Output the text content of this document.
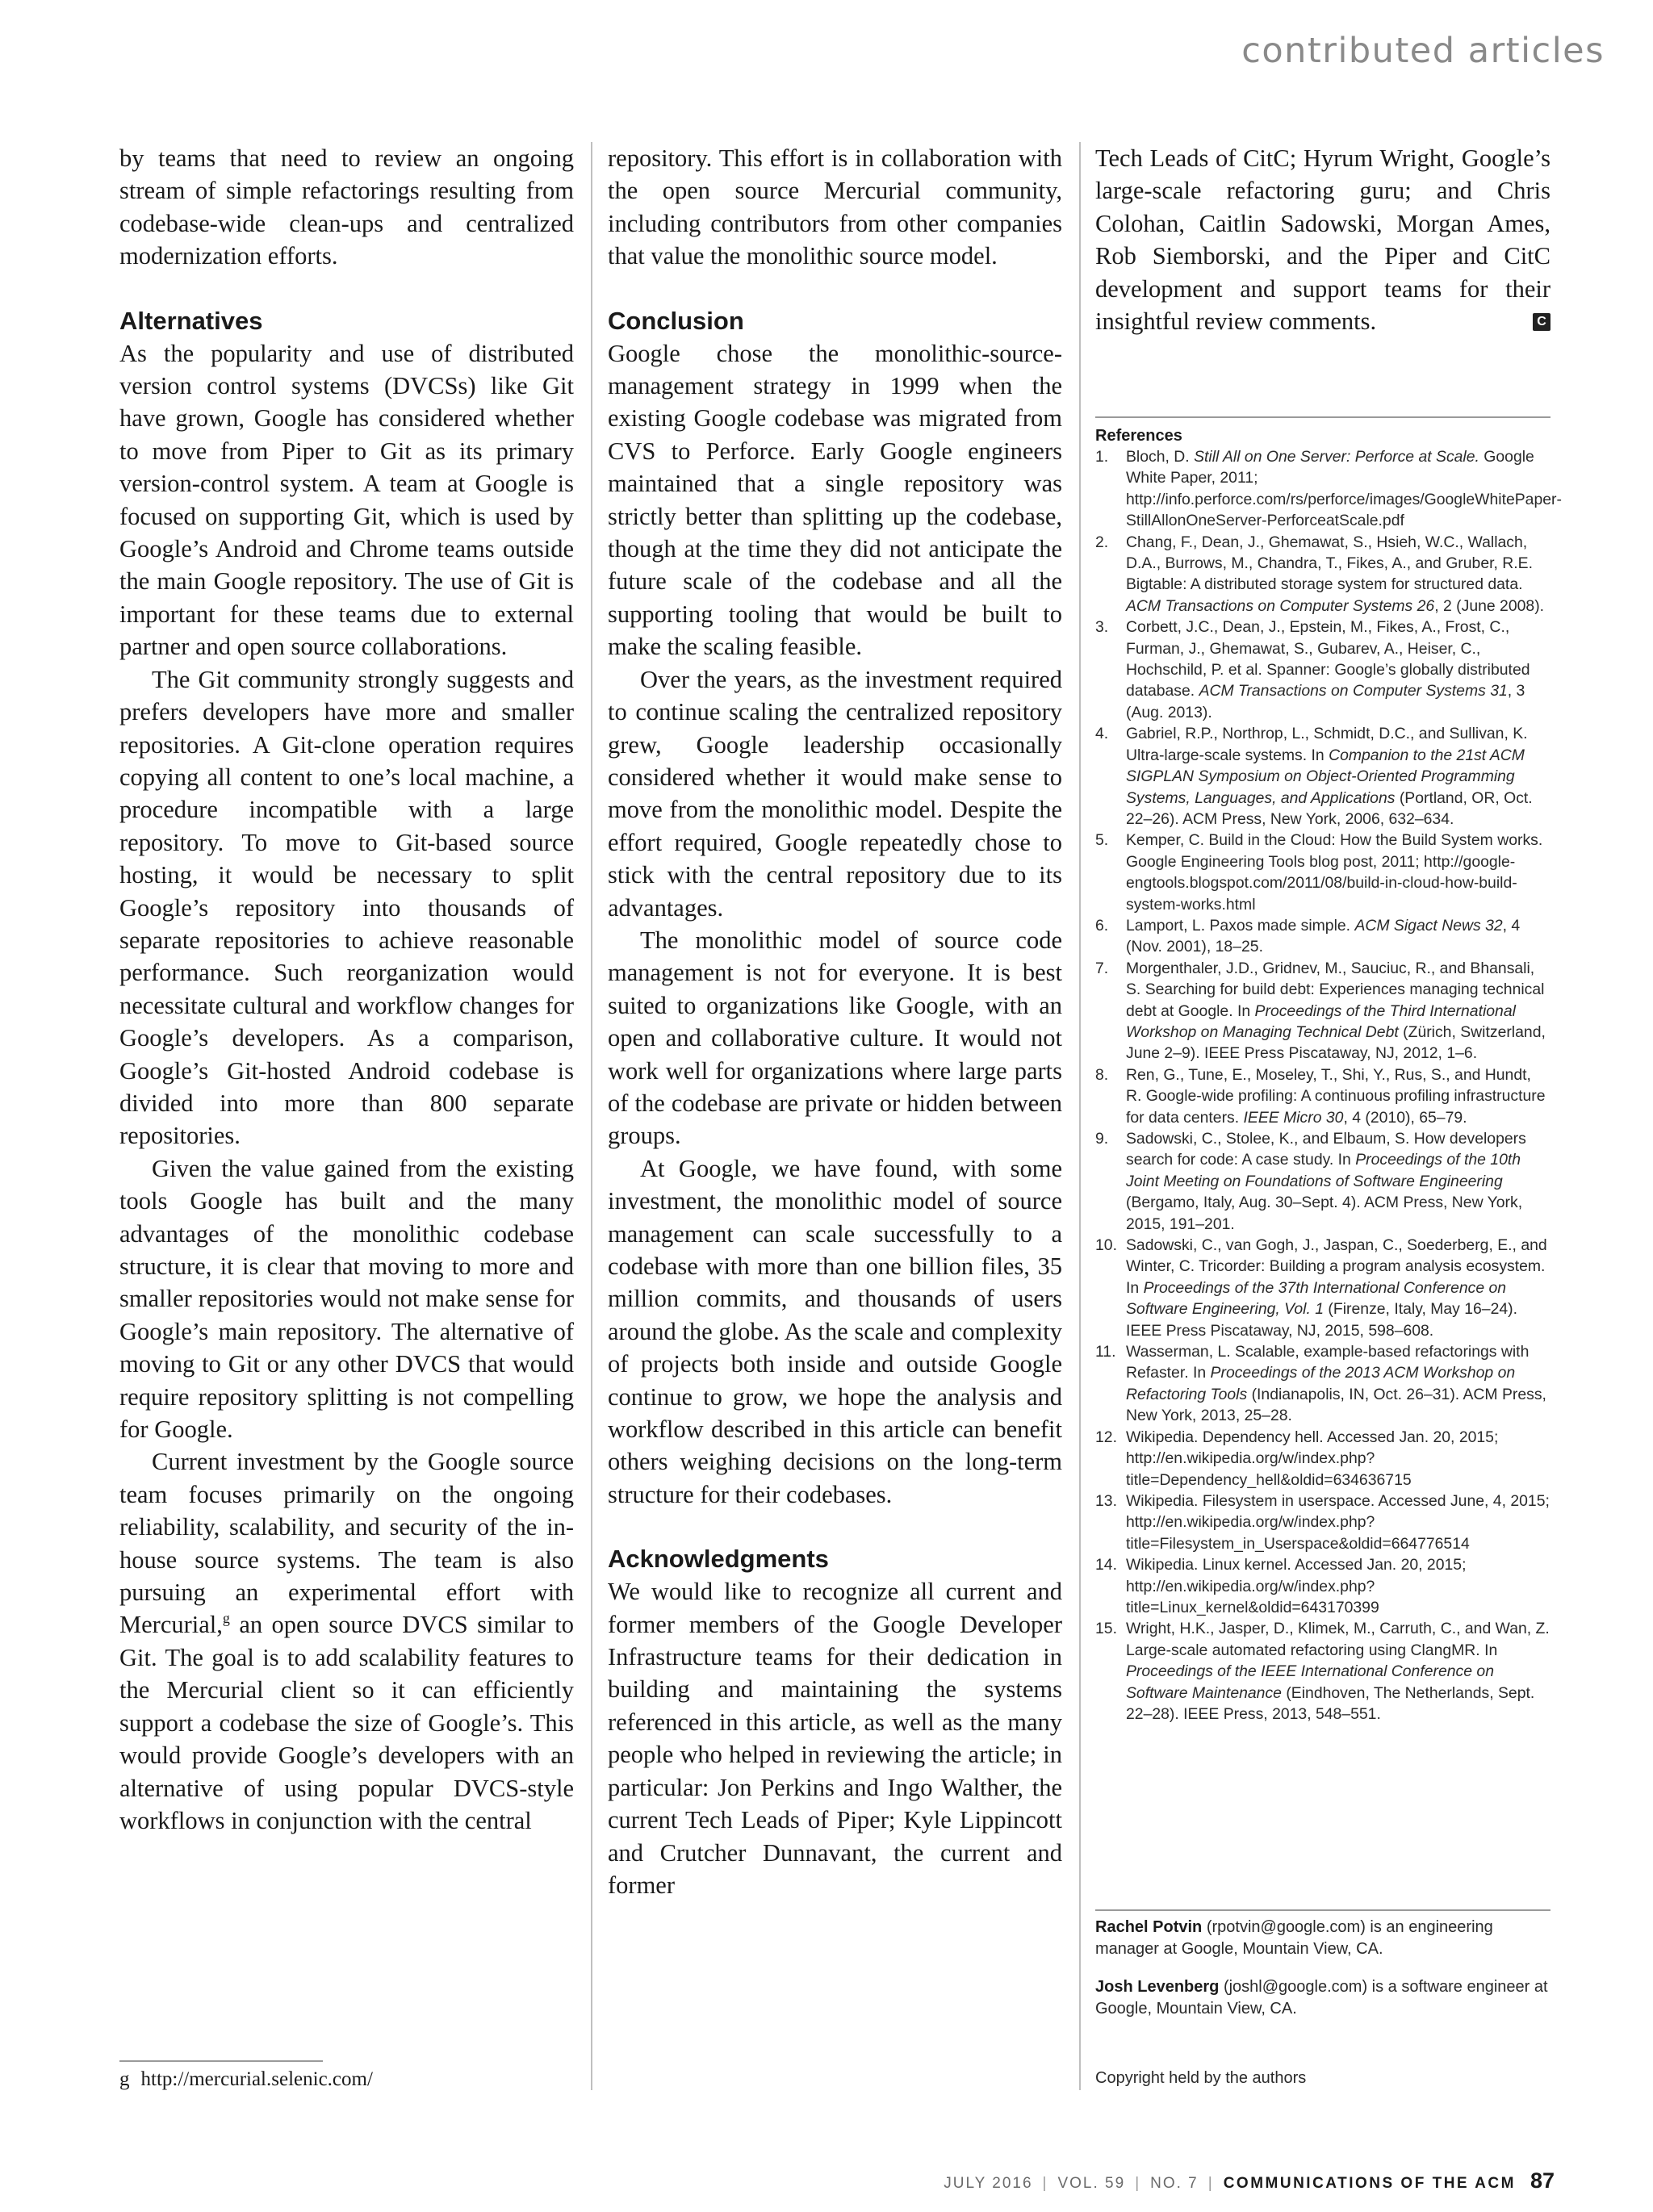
contributed articles

by teams that need to review an ongoing stream of simple refactorings resulting from codebase-wide clean-ups and centralized modernization efforts.

Alternatives

As the popularity and use of distributed version control systems (DVCSs) like Git have grown, Google has considered whether to move from Piper to Git as its primary version-control system. A team at Google is focused on supporting Git, which is used by Google’s Android and Chrome teams outside the main Google repository. The use of Git is important for these teams due to external partner and open source collaborations.

The Git community strongly suggests and prefers developers have more and smaller repositories. A Git-clone operation requires copying all content to one’s local machine, a procedure incompatible with a large repository. To move to Git-based source hosting, it would be necessary to split Google’s repository into thousands of separate repositories to achieve reasonable performance. Such reorganization would necessitate cultural and workflow changes for Google’s developers. As a comparison, Google’s Git-hosted Android codebase is divided into more than 800 separate repositories.

Given the value gained from the existing tools Google has built and the many advantages of the monolithic codebase structure, it is clear that moving to more and smaller repositories would not make sense for Google’s main repository. The alternative of moving to Git or any other DVCS that would require repository splitting is not compelling for Google.

Current investment by the Google source team focuses primarily on the ongoing reliability, scalability, and security of the in-house source systems. The team is also pursuing an experimental effort with Mercurial,$^g$ an open source DVCS similar to Git. The goal is to add scalability features to the Mercurial client so it can efficiently support a codebase the size of Google’s. This would provide Google’s developers with an alternative of using popular DVCS-style workflows in conjunction with the central

g http://mercurial.selenic.com/

repository. This effort is in collaboration with the open source Mercurial community, including contributors from other companies that value the monolithic source model.

Conclusion

Google chose the monolithic-source-management strategy in 1999 when the existing Google codebase was migrated from CVS to Perforce. Early Google engineers maintained that a single repository was strictly better than splitting up the codebase, though at the time they did not anticipate the future scale of the codebase and all the supporting tooling that would be built to make the scaling feasible.

Over the years, as the investment required to continue scaling the centralized repository grew, Google leadership occasionally considered whether it would make sense to move from the monolithic model. Despite the effort required, Google repeatedly chose to stick with the central repository due to its advantages.

The monolithic model of source code management is not for everyone. It is best suited to organizations like Google, with an open and collaborative culture. It would not work well for organizations where large parts of the codebase are private or hidden between groups.

At Google, we have found, with some investment, the monolithic model of source management can scale successfully to a codebase with more than one billion files, 35 million commits, and thousands of users around the globe. As the scale and complexity of projects both inside and outside Google continue to grow, we hope the analysis and workflow described in this article can benefit others weighing decisions on the long-term structure for their codebases.

Acknowledgments

We would like to recognize all current and former members of the Google Developer Infrastructure teams for their dedication in building and maintaining the systems referenced in this article, as well as the many people who helped in reviewing the article; in particular: Jon Perkins and Ingo Walther, the current Tech Leads of Piper; Kyle Lippincott and Crutcher Dunnavant, the current and former

Tech Leads of CitC; Hyrum Wright, Google’s large-scale refactoring guru; and Chris Colohan, Caitlin Sadowski, Morgan Ames, Rob Siemborski, and the Piper and CitC development and support teams for their insightful review comments.	C

References
1.	Bloch, D. Still All on One Server: Perforce at Scale. Google White Paper, 2011; http://info.perforce.com/rs/perforce/images/GoogleWhitePaper-StillAllonOneServer-PerforceatScale.pdf
2.	Chang, F., Dean, J., Ghemawat, S., Hsieh, W.C., Wallach, D.A., Burrows, M., Chandra, T., Fikes, A., and Gruber, R.E. Bigtable: A distributed storage system for structured data. ACM Transactions on Computer Systems 26, 2 (June 2008).
3.	Corbett, J.C., Dean, J., Epstein, M., Fikes, A., Frost, C., Furman, J., Ghemawat, S., Gubarev, A., Heiser, C., Hochschild, P. et al. Spanner: Google’s globally distributed database. ACM Transactions on Computer Systems 31, 3 (Aug. 2013).
4.	Gabriel, R.P., Northrop, L., Schmidt, D.C., and Sullivan, K. Ultra-large-scale systems. In Companion to the 21st ACM SIGPLAN Symposium on Object-Oriented Programming Systems, Languages, and Applications (Portland, OR, Oct. 22–26). ACM Press, New York, 2006, 632–634.
5.	Kemper, C. Build in the Cloud: How the Build System works. Google Engineering Tools blog post, 2011; http://google-engtools.blogspot.com/2011/08/build-in-cloud-how-build-system-works.html
6.	Lamport, L. Paxos made simple. ACM Sigact News 32, 4 (Nov. 2001), 18–25.
7.	Morgenthaler, J.D., Gridnev, M., Sauciuc, R., and Bhansali, S. Searching for build debt: Experiences managing technical debt at Google. In Proceedings of the Third International Workshop on Managing Technical Debt (Zürich, Switzerland, June 2–9). IEEE Press Piscataway, NJ, 2012, 1–6.
8.	Ren, G., Tune, E., Moseley, T., Shi, Y., Rus, S., and Hundt, R. Google-wide profiling: A continuous profiling infrastructure for data centers. IEEE Micro 30, 4 (2010), 65–79.
9.	Sadowski, C., Stolee, K., and Elbaum, S. How developers search for code: A case study. In Proceedings of the 10th Joint Meeting on Foundations of Software Engineering (Bergamo, Italy, Aug. 30–Sept. 4). ACM Press, New York, 2015, 191–201.
10. Sadowski, C., van Gogh, J., Jaspan, C., Soederberg, E., and Winter, C. Tricorder: Building a program analysis ecosystem. In Proceedings of the 37th International Conference on Software Engineering, Vol. 1 (Firenze, Italy, May 16–24). IEEE Press Piscataway, NJ, 2015, 598–608.
11. Wasserman, L. Scalable, example-based refactorings with Refaster. In Proceedings of the 2013 ACM Workshop on Refactoring Tools (Indianapolis, IN, Oct. 26–31). ACM Press, New York, 2013, 25–28.
12. Wikipedia. Dependency hell. Accessed Jan. 20, 2015; http://en.wikipedia.org/w/index.php?title=Dependency_hell&oldid=634636715
13. Wikipedia. Filesystem in userspace. Accessed June, 4, 2015; http://en.wikipedia.org/w/index.php?title=Filesystem_in_Userspace&oldid=664776514
14. Wikipedia. Linux kernel. Accessed Jan. 20, 2015; http://en.wikipedia.org/w/index.php?title=Linux_kernel&oldid=643170399
15. Wright, H.K., Jasper, D., Klimek, M., Carruth, C., and Wan, Z. Large-scale automated refactoring using ClangMR. In Proceedings of the IEEE International Conference on Software Maintenance (Eindhoven, The Netherlands, Sept. 22–28). IEEE Press, 2013, 548–551.

Rachel Potvin (rpotvin@google.com) is an engineering manager at Google, Mountain View, CA.

Josh Levenberg (joshl@google.com) is a software engineer at Google, Mountain View, CA.

Copyright held by the authors
JULY 2016 | VOL. 59 | NO. 7 | COMMUNICATIONS OF THE ACM 87
